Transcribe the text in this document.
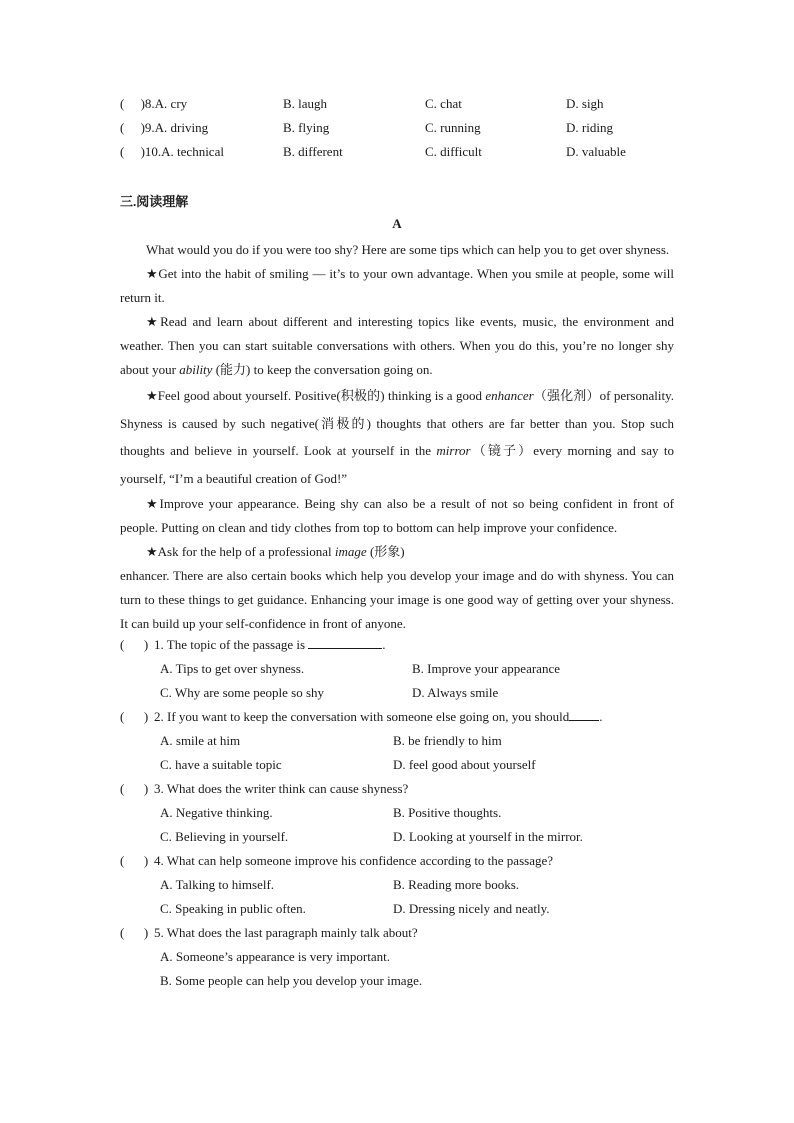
(     )8.A. cry	B. laugh	C. chat	D. sigh
(     )9.A. driving	B. flying	C. running	D. riding
(     )10.A. technical	B. different	C. difficult	D. valuable
三.阅读理解
A

What would you do if you were too shy? Here are some tips which can help you to get over shyness.

★Get into the habit of smiling — it’s to your own advantage. When you smile at people, some will return it.

★Read and learn about different and interesting topics like events, music, the environment and weather. Then you can start suitable conversations with others. When you do this, you’re no longer shy about your ability (能力) to keep the conversation going on.

★Feel good about yourself. Positive(积极的) thinking is a good enhancer（强化剂）of personality. Shyness is caused by such negative(消极的) thoughts that others are far better than you. Stop such thoughts and believe in yourself. Look at yourself in the mirror（镜子）every morning and say to yourself, “I’m a beautiful creation of God!”

★Improve your appearance. Being shy can also be a result of not so being confident in front of people. Putting on clean and tidy clothes from top to bottom can help improve your confidence.

★Ask for the help of a professional image (形象)

enhancer. There are also certain books which help you develop your image and do with shyness. You can turn to these things to get guidance. Enhancing your image is one good way of getting over your shyness. It can build up your self-confidence in front of anyone.

(      ) 1. The topic of the passage is	.
A. Tips to get over shyness.	B. Improve your appearance
C. Why are some people so shy	D. Always smile
(      ) 2. If you want to keep the conversation with someone else going on, you should .
A. smile at him	B. be friendly to him
C. have a suitable topic	D. feel good about yourself
(      ) 3. What does the writer think can cause shyness?
A. Negative thinking.	B. Positive thoughts.
C. Believing in yourself.	D. Looking at yourself in the mirror.
(      ) 4. What can help someone improve his confidence according to the passage?
A. Talking to himself.	B. Reading more books.
C. Speaking in public often.	D. Dressing nicely and neatly.
(      ) 5. What does the last paragraph mainly talk about?
A. Someone’s appearance is very important.
B. Some people can help you develop your image.
